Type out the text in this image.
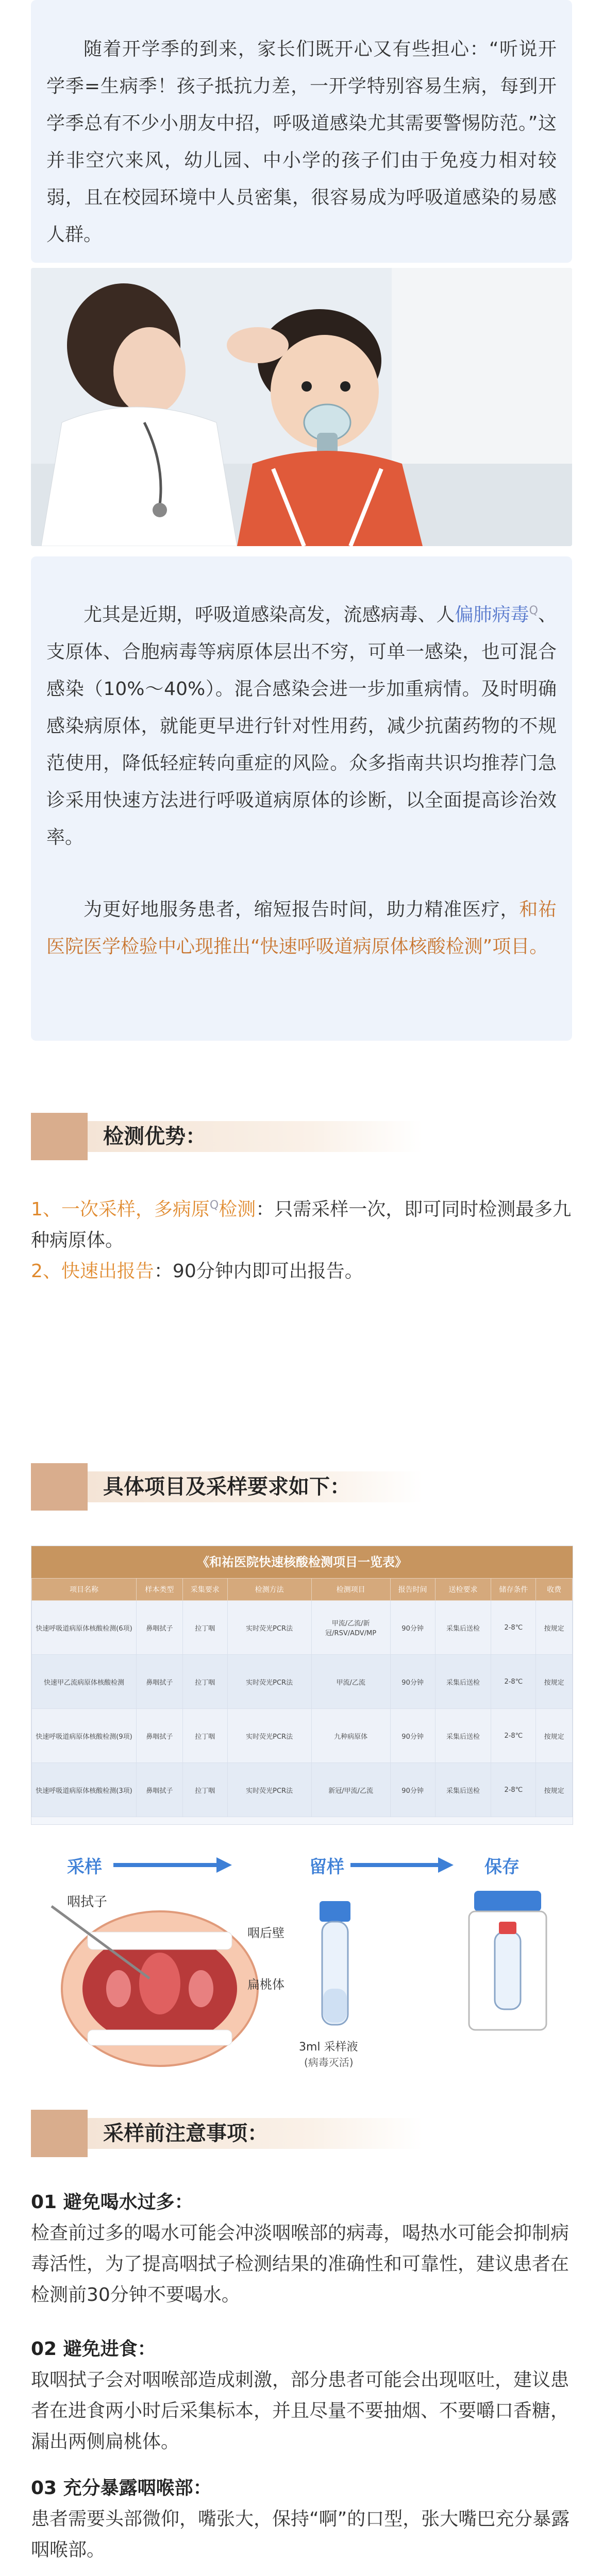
随着开学季的到来，家长们既开心又有些担心：“听说开学季=生病季！孩子抵抗力差，一开学特别容易生病，每到开学季总有不少小朋友中招，呼吸道感染尤其需要警惕防范。”这并非空穴来风，幼儿园、中小学的孩子们由于免疫力相对较弱，且在校园环境中人员密集，很容易成为呼吸道感染的易感人群。

尤其是近期，呼吸道感染高发，流感病毒、人偏肺病毒$^Q$、支原体、合胞病毒等病原体层出不穷，可单一感染，也可混合感染（10%～40%）。混合感染会进一步加重病情。及时明确感染病原体，就能更早进行针对性用药，减少抗菌药物的不规范使用，降低轻症转向重症的风险。众多指南共识均推荐门急诊采用快速方法进行呼吸道病原体的诊断，以全面提高诊治效率。

为更好地服务患者，缩短报告时间，助力精准医疗，和祐医院医学检验中心现推出“快速呼吸道病原体核酸检测”项目。

检测优势：
1、一次采样，多病原$^Q$检测：只需采样一次，即可同时检测最多九种病原体。
2、快速出报告：90分钟内即可出报告。
具体项目及采样要求如下：
《和祐医院快速核酸检测项目一览表》
项目名称	样本类型	采集要求	检测方法	检测项目	报告时间	送检要求	储存条件	收费
快速呼吸道病原体核酸检测(6项)	鼻咽拭子	拉丁咽	实时荧光PCR法	甲流/乙流/新冠/RSV/ADV/MP	90分钟	采集后送检	2-8℃	按规定
快速甲乙流病原体核酸检测	鼻咽拭子	拉丁咽	实时荧光PCR法	甲流/乙流	90分钟	采集后送检	2-8℃	按规定
快速呼吸道病原体核酸检测(9项)	鼻咽拭子	拉丁咽	实时荧光PCR法	九种病原体	90分钟	采集后送检	2-8℃	按规定
快速呼吸道病原体核酸检测(3项)	鼻咽拭子	拉丁咽	实时荧光PCR法	新冠/甲流/乙流	90分钟	采集后送检	2-8℃	按规定
咽拭子
咽后壁
扁桃体
采样	留样	保存
3ml 采样液
(病毒灭活)
采样前注意事项：
01 避免喝水过多：
检查前过多的喝水可能会冲淡咽喉部的病毒，喝热水可能会抑制病毒活性，为了提高咽拭子检测结果的准确性和可靠性，建议患者在检测前30分钟不要喝水。
02 避免进食：
取咽拭子会对咽喉部造成刺激，部分患者可能会出现呕吐，建议患者在进食两小时后采集标本，并且尽量不要抽烟、不要嚼口香糖，漏出两侧扁桃体。
03 充分暴露咽喉部：
患者需要头部微仰，嘴张大，保持“啊”的口型，张大嘴巴充分暴露咽喉部。
